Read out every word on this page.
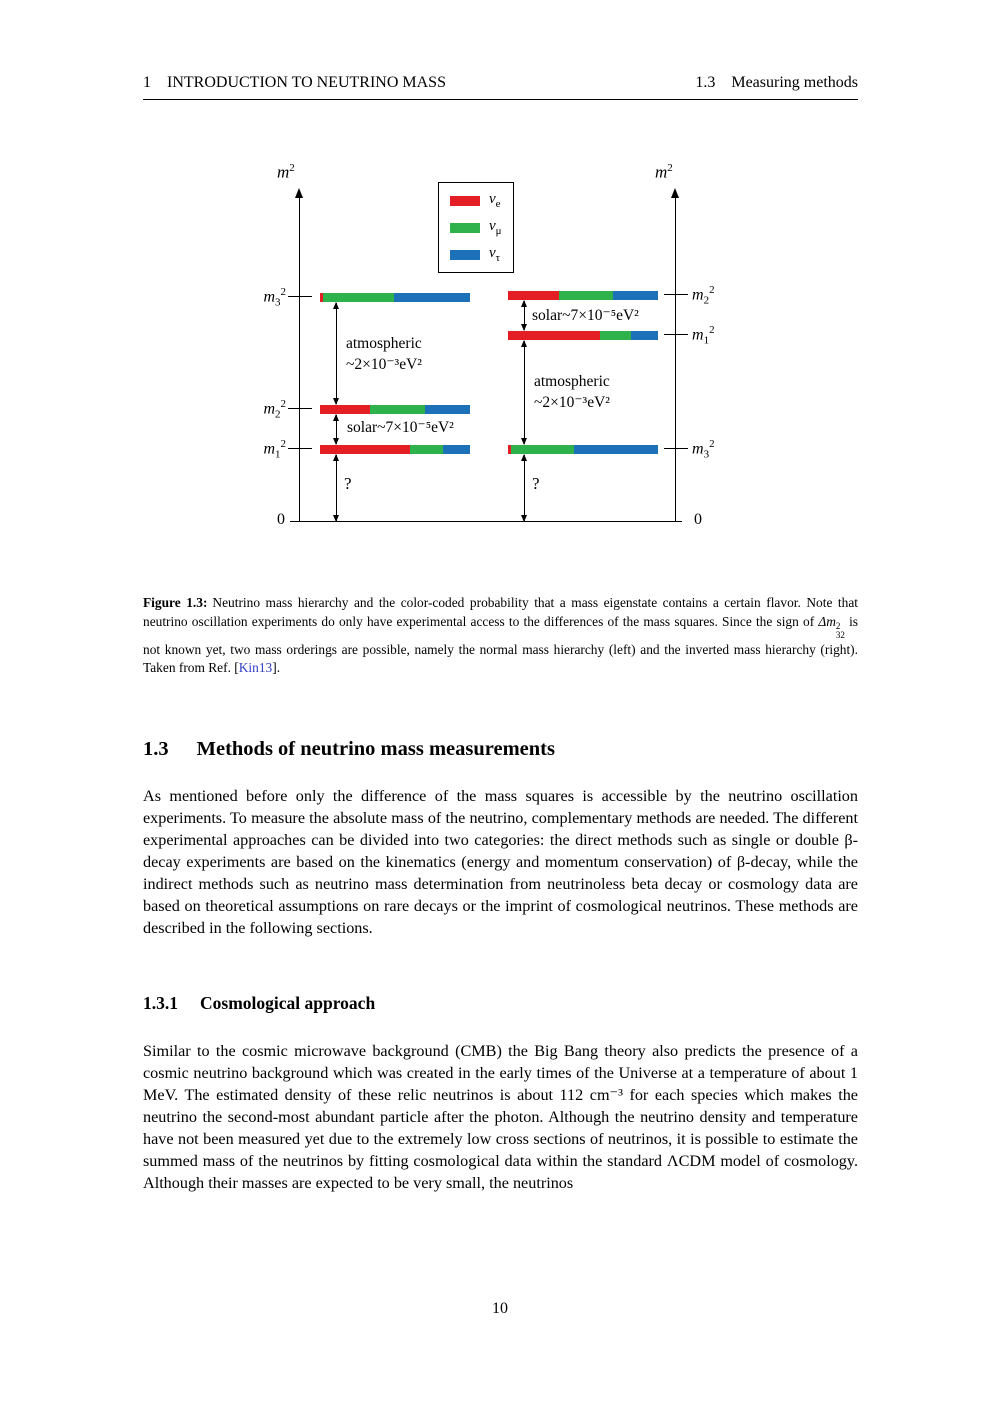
1 INTRODUCTION TO NEUTRINO MASS	1.3 Measuring methods
$m^2$	$m^2$
$\nu_e$
$\nu_\mu$
$\nu_\tau$
$m_3^2$
$m_2^2$
$m_1^2$
$m_2^2$
$m_1^2$
$m_3^2$
atmospheric
~2×10⁻³eV²
solar~7×10⁻⁵eV²
?
solar~7×10⁻⁵eV²
atmospheric
~2×10⁻³eV²
?
0	0

Figure 1.3: Neutrino mass hierarchy and the color-coded probability that a mass eigenstate contains a certain flavor. Note that neutrino oscillation experiments do only have experimental access to the differences of the mass squares. Since the sign of Δm 2
32
is not known yet, two mass orderings are possible, namely the normal mass hierarchy (left) and the inverted mass hierarchy (right). Taken from Ref. [Kin13].

1.3 Methods of neutrino mass measurements

As mentioned before only the difference of the mass squares is accessible by the neutrino oscillation experiments. To measure the absolute mass of the neutrino, complementary methods are needed. The different experimental approaches can be divided into two categories: the direct methods such as single or double β-decay experiments are based on the kinematics (energy and momentum conservation) of β-decay, while the indirect methods such as neutrino mass determination from neutrinoless beta decay or cosmology data are based on theoretical assumptions on rare decays or the imprint of cosmological neutrinos. These methods are described in the following sections.

1.3.1 Cosmological approach

Similar to the cosmic microwave background (CMB) the Big Bang theory also predicts the presence of a cosmic neutrino background which was created in the early times of the Universe at a temperature of about 1 MeV. The estimated density of these relic neutrinos is about 112 cm⁻³ for each species which makes the neutrino the second-most abundant particle after the photon. Although the neutrino density and temperature have not been measured yet due to the extremely low cross sections of neutrinos, it is possible to estimate the summed mass of the neutrinos by fitting cosmological data within the standard ΛCDM model of cosmology. Although their masses are expected to be very small, the neutrinos

10
